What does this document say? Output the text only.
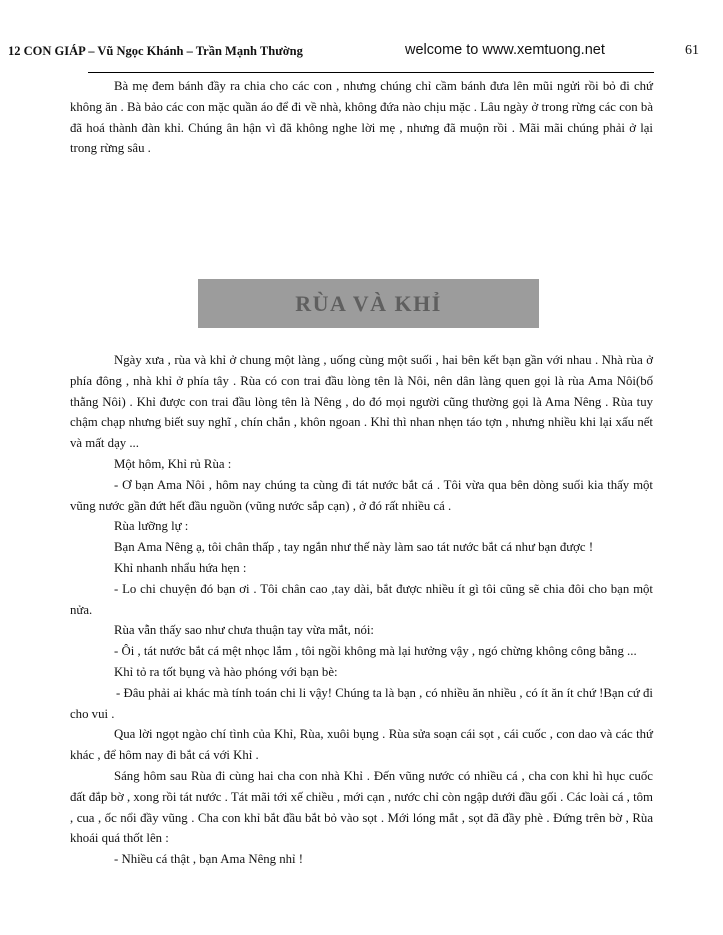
12 CON GIÁP – Vũ Ngọc Khánh – Trần Mạnh Thường	welcome to www.xemtuong.net	61

Bà mẹ đem bánh đầy ra chia cho các con , nhưng chúng chỉ cầm bánh đưa lên mũi ngửi rồi bỏ đi chứ không ăn . Bà bảo các con mặc quần áo để đi về nhà, không đứa nào chịu mặc . Lâu ngày ở trong rừng các con bà đã hoá thành đàn khỉ. Chúng ân hận vì đã không nghe lời mẹ , nhưng đã muộn rồi . Mãi mãi chúng phải ở lại trong rừng sâu .

RÙA VÀ KHỈ

Ngày xưa , rùa và khỉ ở chung một làng , uống cùng một suối , hai bên kết bạn gần với nhau . Nhà rùa ở phía đông , nhà khỉ ở phía tây . Rùa có con trai đầu lòng tên là Nôi, nên dân làng quen gọi là rùa Ama Nôi(bố thằng Nôi) . Khỉ được con trai đầu lòng tên là Nêng , do đó mọi người cũng thường gọi là Ama Nêng . Rùa tuy chậm chạp nhưng biết suy nghĩ , chín chắn , khôn ngoan . Khỉ thì nhan nhẹn táo tợn , nhưng nhiều khi lại xấu nết và mất dạy ...

Một hôm, Khỉ rủ Rùa :

- Ơ bạn Ama Nôi , hôm nay chúng ta cùng đi tát nước bắt cá . Tôi vừa qua bên dòng suối kia thấy một vũng nước gần đứt hết đầu nguồn (vũng nước sắp cạn) , ở đó rất nhiều cá .

Rùa lưỡng lự :

Bạn Ama Nêng ạ, tôi chân thấp , tay ngắn như thế này làm sao tát nước bắt cá như bạn được !

Khỉ nhanh nhẩu hứa hẹn :

- Lo chi chuyện đó bạn ơi . Tôi chân cao ,tay dài, bắt được nhiều ít gì tôi cũng sẽ chia đôi cho bạn một nửa.

Rùa vẫn thấy sao như chưa thuận tay vừa mắt, nói:

- Ôi , tát nước bắt cá mệt nhọc lắm , tôi ngồi không mà lại hưởng vậy , ngó chừng không công bằng ...

Khỉ tỏ ra tốt bụng và hào phóng với bạn bè:

- Đâu phải ai khác mà tính toán chi li vậy! Chúng ta là bạn , có nhiều ăn nhiều , có ít ăn ít chứ !Bạn cứ đi cho vui .

Qua lời ngọt ngào chí tình của Khỉ, Rùa, xuôi bụng . Rùa sửa soạn cái sọt , cái cuốc , con dao và các thứ khác , để hôm nay đi bắt cá với Khỉ .

Sáng hôm sau Rùa đi cùng hai cha con nhà Khỉ . Đến vũng nước có nhiều cá , cha con khỉ hì hục cuốc đất đắp bờ , xong rồi tát nước . Tát mãi tới xế chiều , mới cạn , nước chỉ còn ngập dưới đầu gối . Các loài cá , tôm , cua , ốc nổi đầy vũng . Cha con khỉ bắt đầu bắt bỏ vào sọt . Mới lóng mắt , sọt đã đầy phè . Đứng trên bờ , Rùa khoái quá thốt lên :

- Nhiều cá thật , bạn Ama Nêng nhỉ !
